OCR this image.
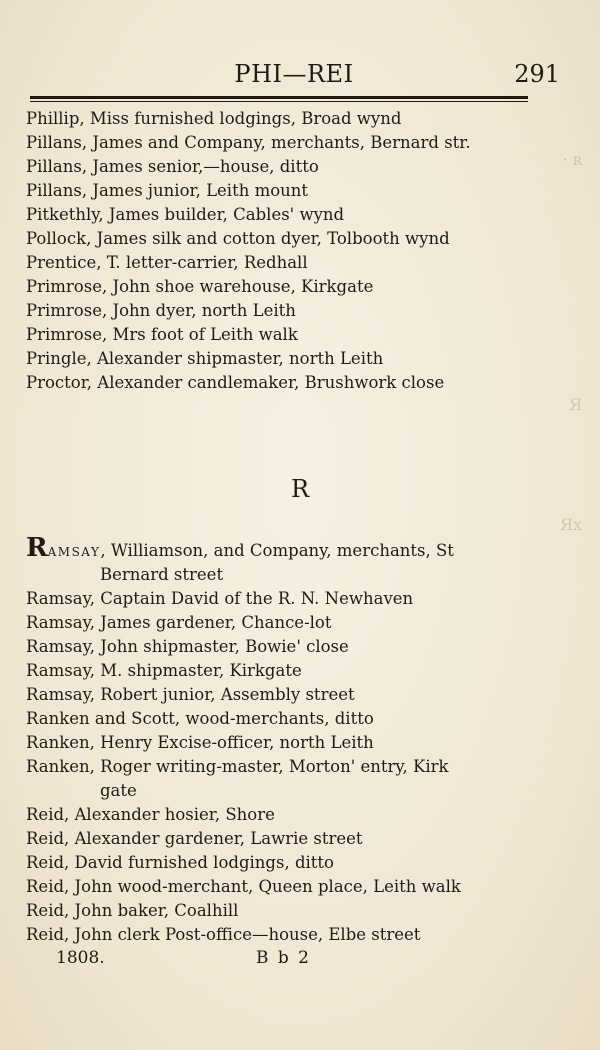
PHI—REI	291
Phillip, Miss furnished lodgings, Broad wynd
Pillans, James and Company, merchants, Bernard str.
Pillans, James senior,—house, ditto
Pillans, James junior, Leith mount
Pitkethly, James builder, Cables' wynd
Pollock, James silk and cotton dyer, Tolbooth wynd
Prentice, T. letter-carrier, Redhall
Primrose, John shoe warehouse, Kirkgate
Primrose, John dyer, north Leith
Primrose, Mrs foot of Leith walk
Pringle, Alexander shipmaster, north Leith
Proctor, Alexander candlemaker, Brushwork close
· ʀ
Я
Ях
R
Ramsay, Williamson, and Company, merchants, St
Bernard street
Ramsay, Captain David of the R. N. Newhaven
Ramsay, James gardener, Chance-lot
Ramsay, John shipmaster, Bowie' close
Ramsay, M. shipmaster, Kirkgate
Ramsay, Robert junior, Assembly street
Ranken and Scott, wood-merchants, ditto
Ranken, Henry Excise-officer, north Leith
Ranken, Roger writing-master, Morton' entry, Kirk
gate
Reid, Alexander hosier, Shore
Reid, Alexander gardener, Lawrie street
Reid, David furnished lodgings, ditto
Reid, John wood-merchant, Queen place, Leith walk
Reid, John baker, Coalhill
Reid, John clerk Post-office—house, Elbe street
1808.	B b 2
